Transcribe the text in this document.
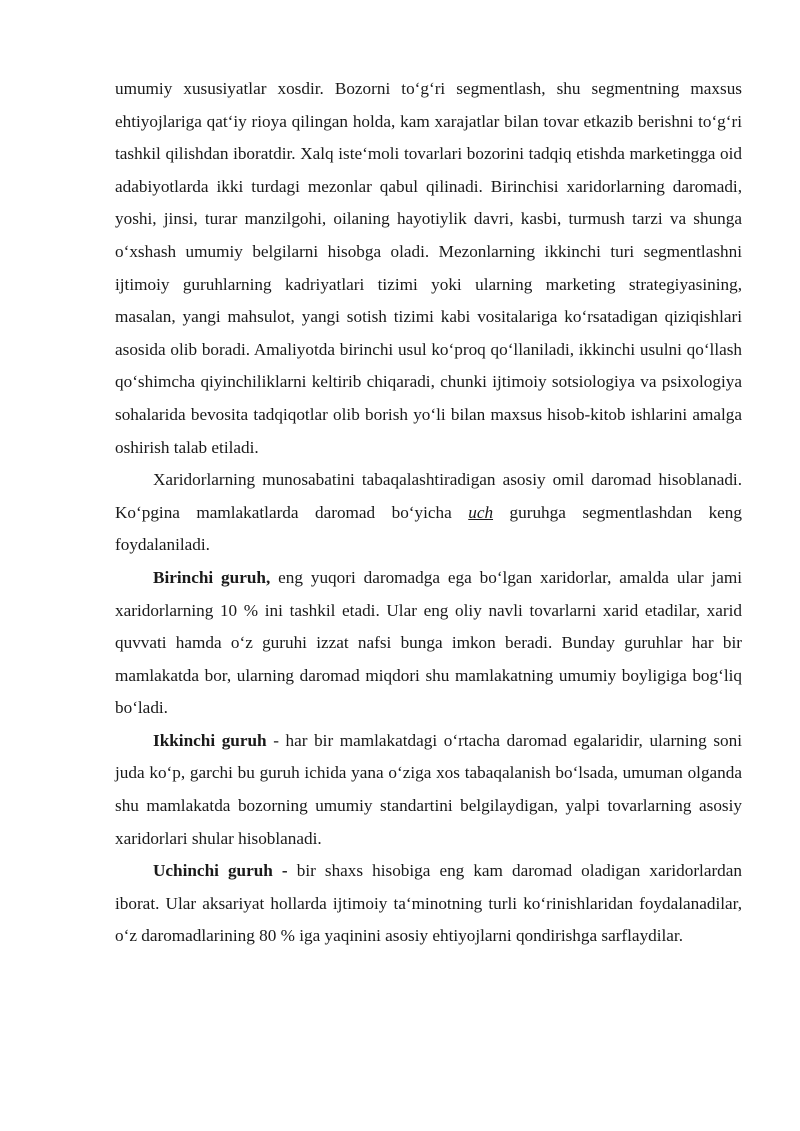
umumiy xususiyatlar xosdir. Bozorni to‘g‘ri segmentlash, shu segmentning maxsus ehtiyojlariga qat‘iy rioya qilingan holda, kam xarajatlar bilan tovar etkazib berishni to‘g‘ri tashkil qilishdan iboratdir. Xalq iste‘moli tovarlari bozorini tadqiq etishda marketingga oid adabiyotlarda ikki turdagi mezonlar qabul qilinadi. Birinchisi xaridorlarning daromadi, yoshi, jinsi, turar manzilgohi, oilaning hayotiylik davri, kasbi, turmush tarzi va shunga o‘xshash umumiy belgilarni hisobga oladi. Mezonlarning ikkinchi turi segmentlashni ijtimoiy guruhlarning kadriyatlari tizimi yoki ularning marketing strategiyasining, masalan, yangi mahsulot, yangi sotish tizimi kabi vositalariga ko‘rsatadigan qiziqishlari asosida olib boradi. Amaliyotda birinchi usul ko‘proq qo‘llaniladi, ikkinchi usulni qo‘llash qo‘shimcha qiyinchiliklarni keltirib chiqaradi, chunki ijtimoiy sotsiologiya va psixologiya sohalarida bevosita tadqiqotlar olib borish yo‘li bilan maxsus hisob-kitob ishlarini amalga oshirish talab etiladi.

Xaridorlarning munosabatini tabaqalashtiradigan asosiy omil daromad hisoblanadi. Ko‘pgina mamlakatlarda daromad bo‘yicha uch guruhga segmentlashdan keng foydalaniladi.

Birinchi guruh, eng yuqori daromadga ega bo‘lgan xaridorlar, amalda ular jami xaridorlarning 10 % ini tashkil etadi. Ular eng oliy navli tovarlarni xarid etadilar, xarid quvvati hamda o‘z guruhi izzat nafsi bunga imkon beradi. Bunday guruhlar har bir mamlakatda bor, ularning daromad miqdori shu mamlakatning umumiy boyligiga bog‘liq bo‘ladi.

Ikkinchi guruh - har bir mamlakatdagi o‘rtacha daromad egalaridir, ularning soni juda ko‘p, garchi bu guruh ichida yana o‘ziga xos tabaqalanish bo‘lsada, umuman olganda shu mamlakatda bozorning umumiy standartini belgilaydigan, yalpi tovarlarning asosiy xaridorlari shular hisoblanadi.

Uchinchi guruh - bir shaxs hisobiga eng kam daromad oladigan xaridorlardan iborat. Ular aksariyat hollarda ijtimoiy ta‘minotning turli ko‘rinishlaridan foydalanadilar, o‘z daromadlarining 80 % iga yaqinini asosiy ehtiyojlarni qondirishga sarflaydilar.
